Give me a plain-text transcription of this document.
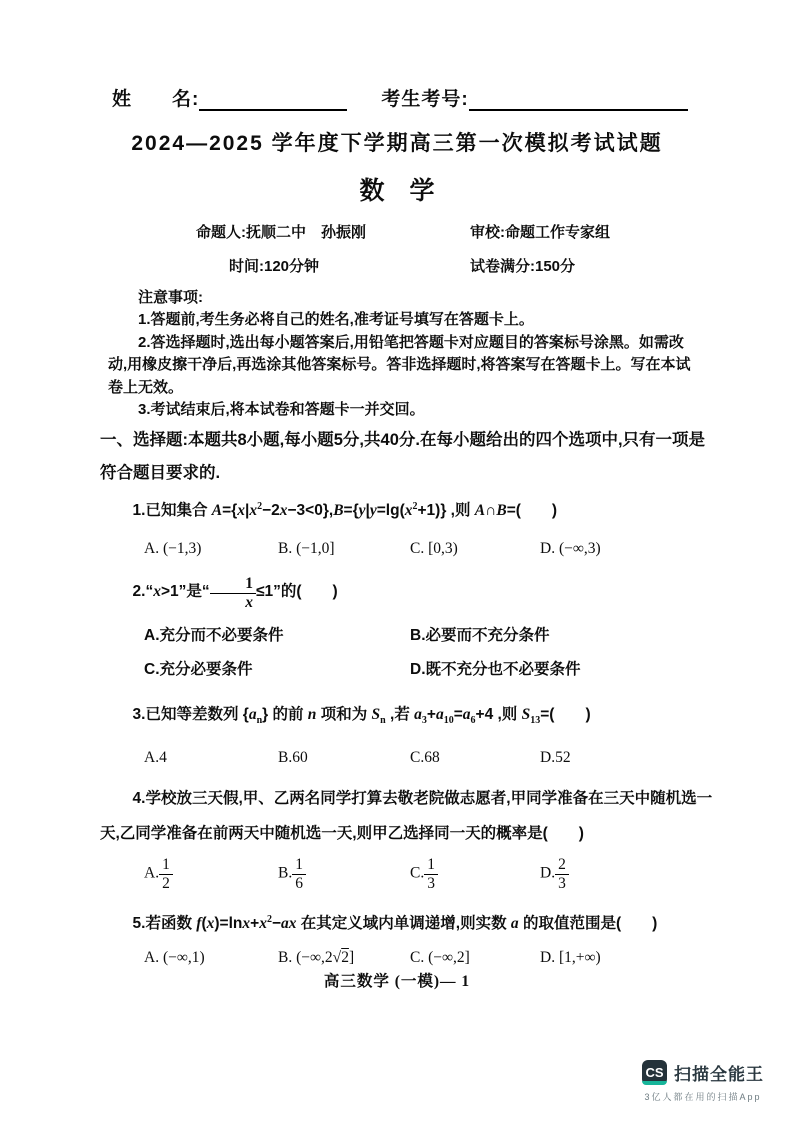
姓　　名:	考生考号:
2024—2025 学年度下学期高三第一次模拟考试试题
数　学
命题人:抚顺二中　孙振刚	审校:命题工作专家组
时间:120分钟	试卷满分:150分

注意事项:

1.答题前,考生务必将自己的姓名,准考证号填写在答题卡上。

2.答选择题时,选出每小题答案后,用铅笔把答题卡对应题目的答案标号涂黑。如需改动,用橡皮擦干净后,再选涂其他答案标号。答非选择题时,将答案写在答题卡上。写在本试卷上无效。

3.考试结束后,将本试卷和答题卡一并交回。

一、选择题:本题共8小题,每小题5分,共40分.在每小题给出的四个选项中,只有一项是符合题目要求的.
1.已知集合 $A=\{x|x^2-2x-3<0\},B=\{y|y=\lg(x^2+1)\}$ ,则 A∩B=(　　)
A. (−1,3)	B. (−1,0]	C. [0,3)	D. (−∞,3)
2.“x>1”是“ $\frac{1}{x} \le 1$”的(　　)
A.充分而不必要条件	B.必要而不充分条件
C.充分必要条件	D.既不充分也不必要条件
3.已知等差数列 $\{a_n\}$ 的前 n 项和为 $S_n$ ,若 $a_3+a_{10}=a_6+4$ ,则 $S_{13}=$(　　)
A.4	B.60	C.68	D.52
4.学校放三天假,甲、乙两名同学打算去敬老院做志愿者,甲同学准备在三天中随机选一天,乙同学准备在前两天中随机选一天,则甲乙选择同一天的概率是(　　)
A. $\frac{1}{2}$	B. $\frac{1}{6}$	C. $\frac{1}{3}$	D. $\frac{2}{3}$
5.若函数 $f(x)=\ln x+x^2-ax$ 在其定义域内单调递增,则实数 a 的取值范围是(　　)
A. (−∞,1)	B. (−∞,2√2]	C. (−∞,2]	D. [1,+∞)
高三数学 (一模)— 1
CS 扫描全能王
3亿人都在用的扫描App
